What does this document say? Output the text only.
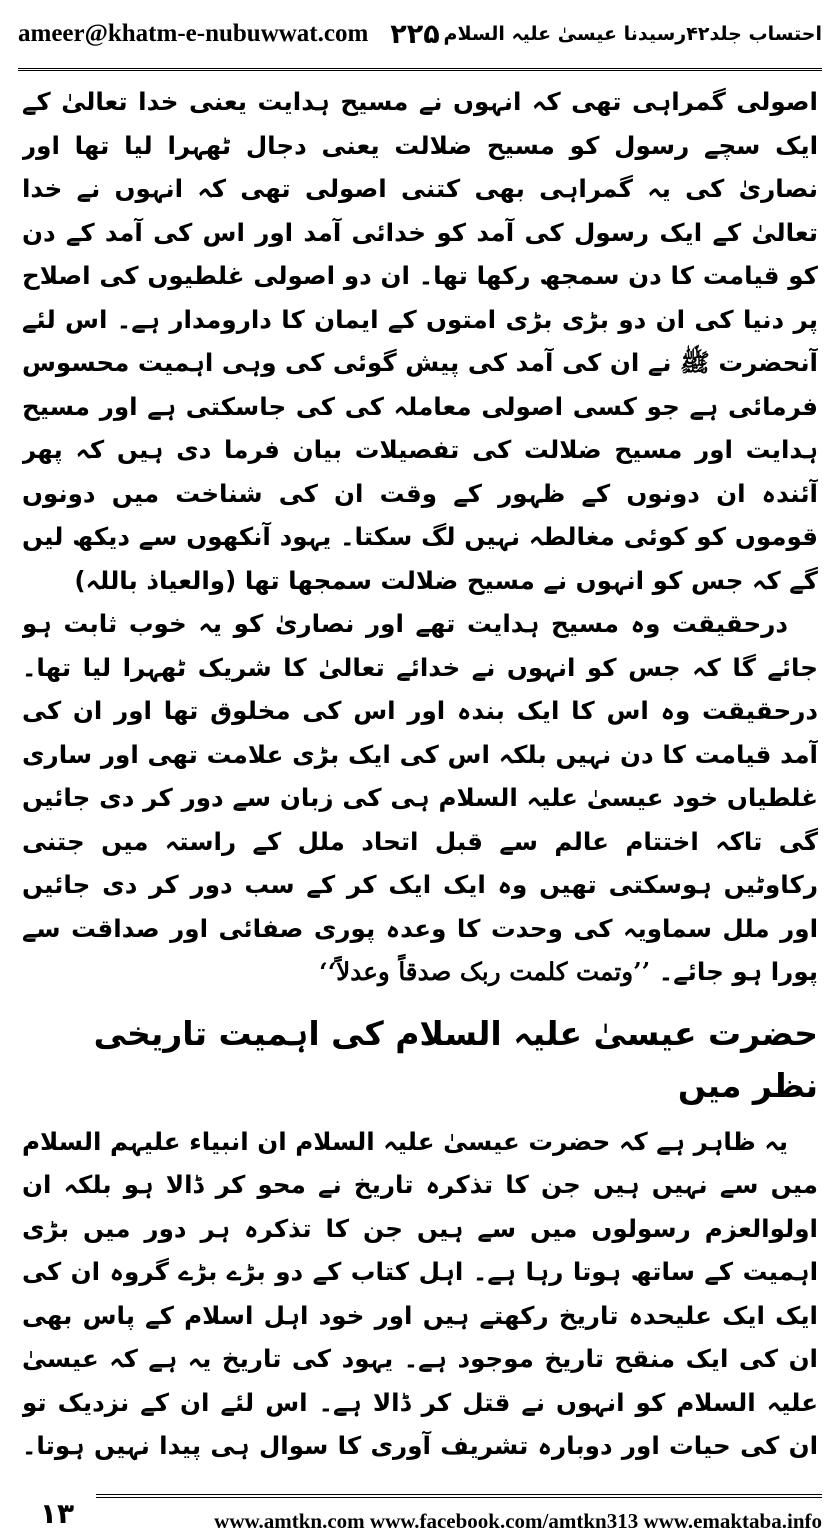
ameer@khatm-e-nubuwwat.com ۲۲۵ احتساب جلد۴۲رسیدنا عیسیٰ علیہ السلام

اصولی گمراہی تھی کہ انہوں نے مسیح ہدایت یعنی خدا تعالیٰ کے ایک سچے رسول کو مسیح ضلالت یعنی دجال ٹھہرا لیا تھا اور نصاریٰ کی یہ گمراہی بھی کتنی اصولی تھی کہ انہوں نے خدا تعالیٰ کے ایک رسول کی آمد کو خدائی آمد اور اس کی آمد کے دن کو قیامت کا دن سمجھ رکھا تھا۔ ان دو اصولی غلطیوں کی اصلاح پر دنیا کی ان دو بڑی بڑی امتوں کے ایمان کا دارومدار ہے۔ اس لئے آنحضرت ﷺ نے ان کی آمد کی پیش گوئی کی وہی اہمیت محسوس فرمائی ہے جو کسی اصولی معاملہ کی کی جاسکتی ہے اور مسیح ہدایت اور مسیح ضلالت کی تفصیلات بیان فرما دی ہیں کہ پھر آئندہ ان دونوں کے ظہور کے وقت ان کی شناخت میں دونوں قوموں کو کوئی مغالطہ نہیں لگ سکتا۔ یہود آنکھوں سے دیکھ لیں گے کہ جس کو انہوں نے مسیح ضلالت سمجھا تھا (والعیاذ باللہ)

درحقیقت وہ مسیح ہدایت تھے اور نصاریٰ کو یہ خوب ثابت ہو جائے گا کہ جس کو انہوں نے خدائے تعالیٰ کا شریک ٹھہرا لیا تھا۔ درحقیقت وہ اس کا ایک بندہ اور اس کی مخلوق تھا اور ان کی آمد قیامت کا دن نہیں بلکہ اس کی ایک بڑی علامت تھی اور ساری غلطیاں خود عیسیٰ علیہ السلام ہی کی زبان سے دور کر دی جائیں گی تاکہ اختتام عالم سے قبل اتحاد ملل کے راستہ میں جتنی رکاوٹیں ہوسکتی تھیں وہ ایک ایک کر کے سب دور کر دی جائیں اور ملل سماویہ کی وحدت کا وعدہ پوری صفائی اور صداقت سے پورا ہو جائے۔ ’’وتمت کلمت ربک صدقاً وعدلاً‘‘

حضرت عیسیٰ علیہ السلام کی اہمیت تاریخی نظر میں

یہ ظاہر ہے کہ حضرت عیسیٰ علیہ السلام ان انبیاء علیہم السلام میں سے نہیں ہیں جن کا تذکرہ تاریخ نے محو کر ڈالا ہو بلکہ ان اولوالعزم رسولوں میں سے ہیں جن کا تذکرہ ہر دور میں بڑی اہمیت کے ساتھ ہوتا رہا ہے۔ اہل کتاب کے دو بڑے بڑے گروہ ان کی ایک ایک علیحدہ تاریخ رکھتے ہیں اور خود اہل اسلام کے پاس بھی ان کی ایک منقح تاریخ موجود ہے۔ یہود کی تاریخ یہ ہے کہ عیسیٰ علیہ السلام کو انہوں نے قتل کر ڈالا ہے۔ اس لئے ان کے نزدیک تو ان کی حیات اور دوبارہ تشریف آوری کا سوال ہی پیدا نہیں ہوتا۔

۱۳	www.amtkn.com www.facebook.com/amtkn313 www.emaktaba.info
